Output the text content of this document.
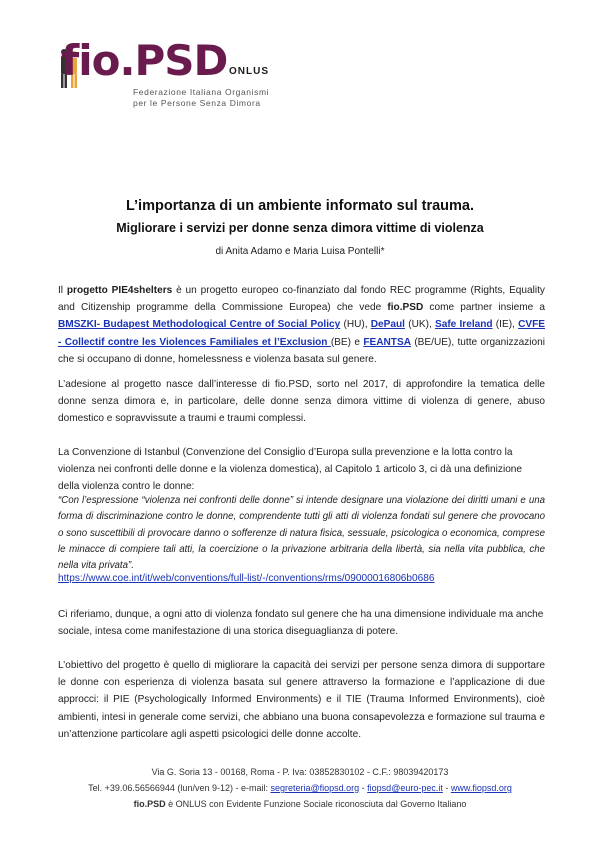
fio.PSD ONLUS
Federazione Italiana Organismi
per le Persone Senza Dimora
L’importanza di un ambiente informato sul trauma.
Migliorare i servizi per donne senza dimora vittime di violenza

di Anita Adamo e Maria Luisa Pontelli*

Il progetto PIE4shelters è un progetto europeo co-finanziato dal fondo REC programme (Rights, Equality and Citizenship programme della Commissione Europea) che vede fio.PSD come partner insieme a BMSZKI- Budapest Methodological Centre of Social Policy (HU), DePaul (UK), Safe Ireland (IE), CVFE - Collectif contre les Violences Familiales et l’Exclusion (BE) e FEANTSA (BE/UE), tutte organizzazioni che si occupano di donne, homelessness e violenza basata sul genere.

L’adesione al progetto nasce dall’interesse di fio.PSD, sorto nel 2017, di approfondire la tematica delle donne senza dimora e, in particolare, delle donne senza dimora vittime di violenza di genere, abuso domestico e sopravvissute a traumi e traumi complessi.

La Convenzione di Istanbul (Convenzione del Consiglio d’Europa sulla prevenzione e la lotta contro la violenza nei confronti delle donne e la violenza domestica), al Capitolo 1 articolo 3, ci dà una definizione della violenza contro le donne:

“Con l’espressione “violenza nei confronti delle donne” si intende designare una violazione dei diritti umani e una forma di discriminazione contro le donne, comprendente tutti gli atti di violenza fondati sul genere che provocano o sono suscettibili di provocare danno o sofferenze di natura fisica, sessuale, psicologica o economica, comprese le minacce di compiere tali atti, la coercizione o la privazione arbitraria della libertà, sia nella vita pubblica, che nella vita privata”.

https://www.coe.int/it/web/conventions/full-list/-/conventions/rms/09000016806b0686

Ci riferiamo, dunque, a ogni atto di violenza fondato sul genere che ha una dimensione individuale ma anche sociale, intesa come manifestazione di una storica diseguaglianza di potere.

L’obiettivo del progetto è quello di migliorare la capacità dei servizi per persone senza dimora di supportare le donne con esperienza di violenza basata sul genere attraverso la formazione e l’applicazione di due approcci: il PIE (Psychologically Informed Environments) e il TIE (Trauma Informed Environments), cioè ambienti, intesi in generale come servizi, che abbiano una buona consapevolezza e formazione sul trauma e un’attenzione particolare agli aspetti psicologici delle donne accolte.

Via G. Soria 13 - 00168, Roma - P. Iva: 03852830102 - C.F.: 98039420173

Tel. +39.06.56566944 (lun/ven 9-12) - e-mail: segreteria@fiopsd.org - fiopsd@euro-pec.it - www.fiopsd.org

fio.PSD è ONLUS con Evidente Funzione Sociale riconosciuta dal Governo Italiano
